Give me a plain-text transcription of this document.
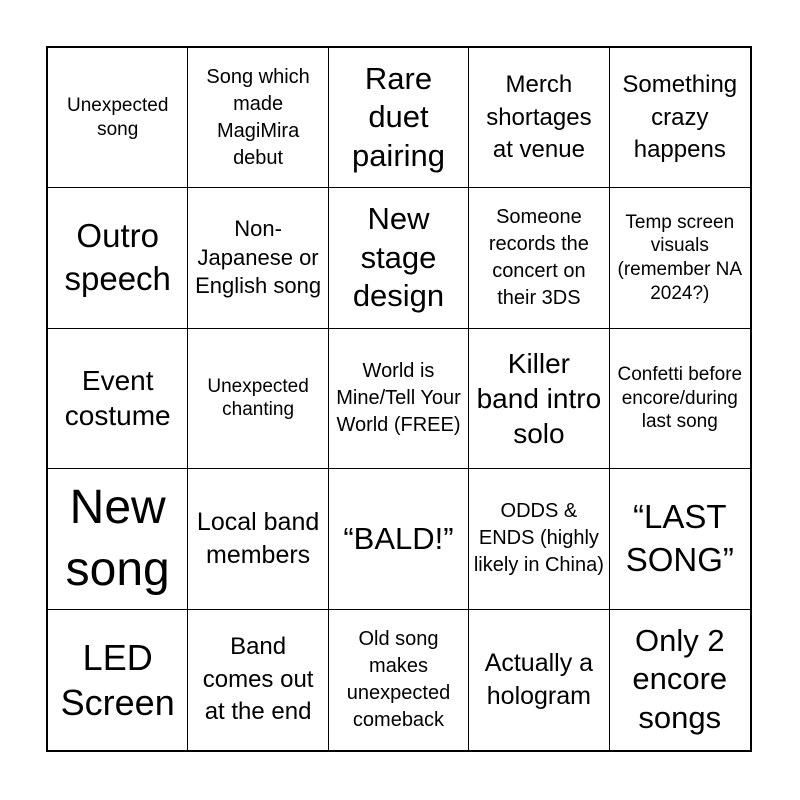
Unexpected song
Song which made MagiMira debut
Rare duet pairing
Merch shortages at venue
Something crazy happens
Outro speech
Non-Japanese or English song
New stage design
Someone records the concert on their 3DS
Temp screen visuals (remember NA 2024?)
Event costume
Unexpected chanting
World is Mine/Tell Your World (FREE)
Killer band intro solo
Confetti before encore/during last song
New song
Local band members	“BALD!”
ODDS & ENDS (highly likely in China)
“LAST SONG”
LED Screen
Band comes out at the end
Old song makes unexpected comeback
Actually a hologram
Only 2 encore songs
